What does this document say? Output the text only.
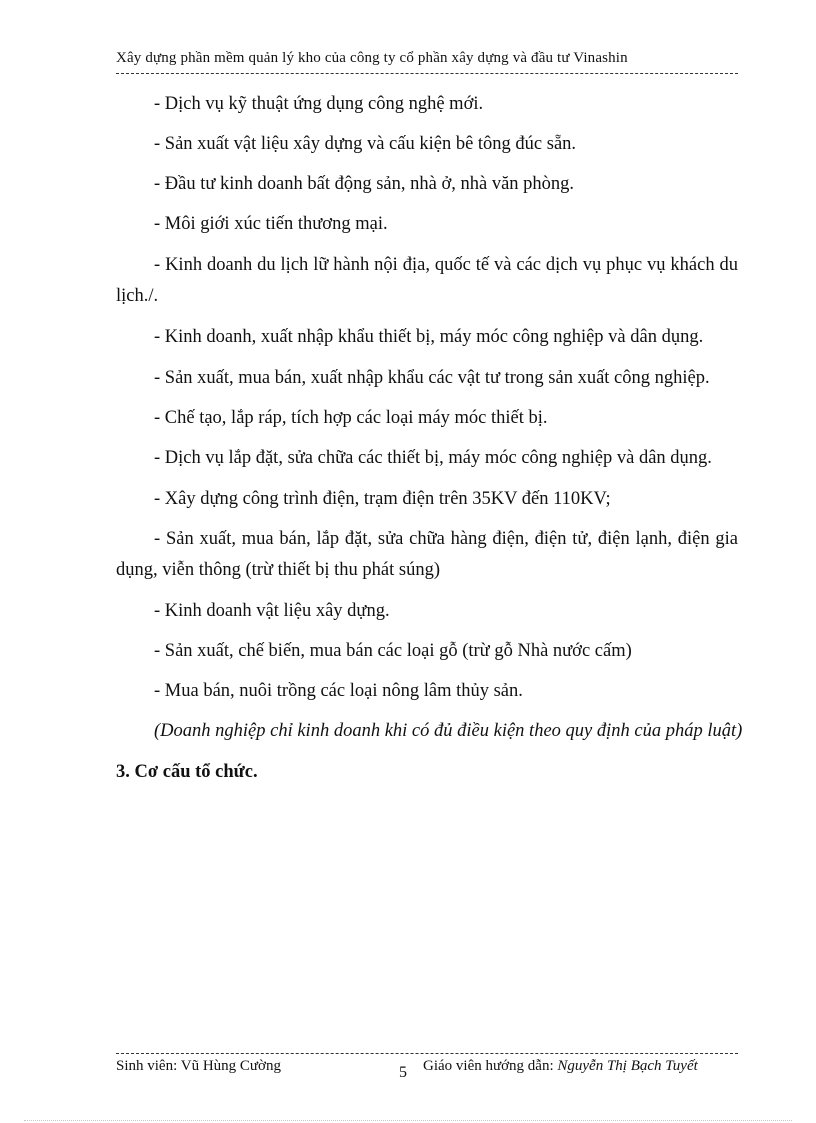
Xây dựng phần mềm quản lý kho của công ty cổ phần xây dựng và đầu tư Vinashin
- Dịch vụ kỹ thuật ứng dụng công nghệ mới.
- Sản xuất vật liệu xây dựng và cấu kiện bê tông đúc sẵn.
- Đầu tư kinh doanh bất động sản, nhà ở, nhà văn phòng.
- Môi giới xúc tiến thương mại.
- Kinh doanh du lịch lữ hành nội địa, quốc tế và các dịch vụ phục vụ khách du lịch./.
- Kinh doanh, xuất nhập khẩu thiết bị, máy móc công nghiệp và dân dụng.
- Sản xuất, mua bán, xuất nhập khẩu các vật tư trong sản xuất công nghiệp.
- Chế tạo, lắp ráp, tích hợp các loại máy móc thiết bị.
- Dịch vụ lắp đặt, sửa chữa các thiết bị, máy móc công nghiệp và dân dụng.
- Xây dựng công trình điện, trạm điện trên 35KV đến 110KV;
- Sản xuất, mua bán, lắp đặt, sửa chữa hàng điện, điện tử, điện lạnh, điện gia dụng, viễn thông (trừ thiết bị thu phát súng)
- Kinh doanh vật liệu xây dựng.
- Sản xuất, chế biến, mua bán các loại gỗ (trừ gỗ Nhà nước cấm)
- Mua bán, nuôi trồng các loại nông lâm thủy sản.
(Doanh nghiệp chỉ kinh doanh khi có đủ điều kiện theo quy định của pháp luật)
3. Cơ cấu tổ chức.
Sinh viên: Vũ Hùng Cường	5 Giáo viên hướng dẫn: Nguyễn Thị Bạch Tuyết
